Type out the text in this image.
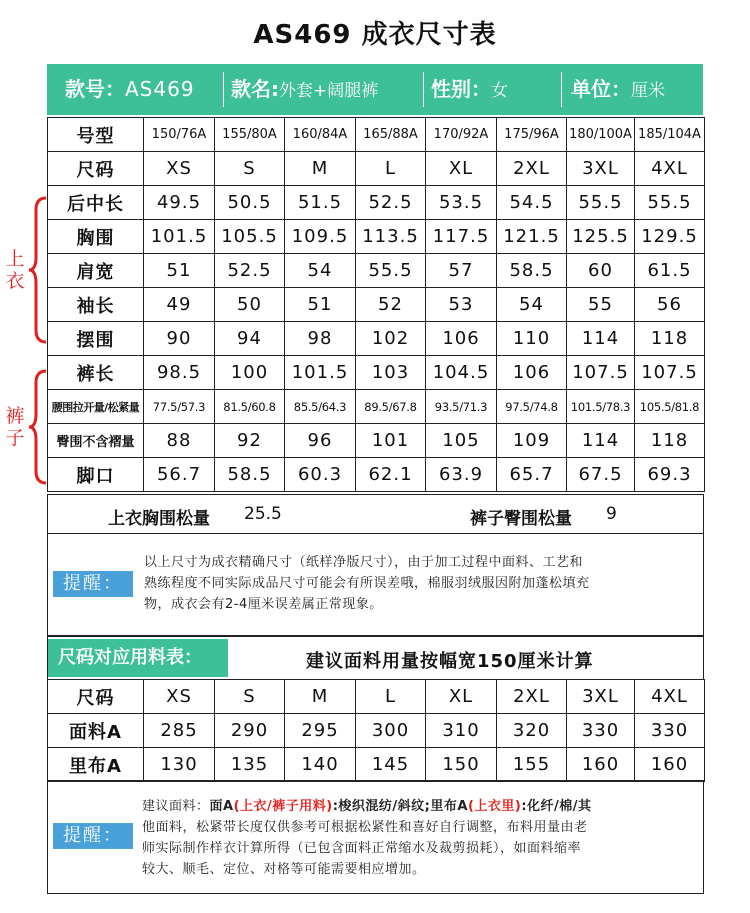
AS469 成衣尺寸表
款号：AS469 款名:外套+阔腿裤	性别：女	单位：厘米
号型	150/76A	155/80A	160/84A	165/88A	170/92A	175/96A	180/100A	185/104A
尺码	XS	S	M	L	XL	2XL	3XL	4XL
后中长	49.5	50.5	51.5	52.5	53.5	54.5	55.5	55.5
胸围	101.5	105.5	109.5	113.5	117.5	121.5	125.5	129.5
肩宽	51	52.5	54	55.5	57	58.5	60	61.5
袖长	49	50	51	52	53	54	55	56
摆围	90	94	98	102	106	110	114	118
裤长	98.5	100	101.5	103	104.5	106	107.5	107.5
腰围拉开量/松紧量	77.5/57.3	81.5/60.8	85.5/64.3	89.5/67.8	93.5/71.3	97.5/74.8	101.5/78.3	105.5/81.8
臀围不含褶量	88	92	96	101	105	109	114	118
脚口	56.7	58.5	60.3	62.1	63.9	65.7	67.5	69.3
上
衣
裤
子
上衣胸围松量 25.5	裤子臀围松量 9
提醒：
以上尺寸为成衣精确尺寸（纸样净版尺寸），由于加工过程中面料、工艺和
熟练程度不同实际成品尺寸可能会有所误差哦，棉服羽绒服因附加蓬松填充
物，成衣会有2-4厘米误差属正常现象。
尺码对应用料表：	建议面料用量按幅宽150厘米计算
尺码	XS	S	M	L	XL	2XL	3XL	4XL
面料A	285	290	295	300	310	320	330	330
里布A	130	135	140	145	150	155	160	160
提醒：
建议面料：面A(上衣/裤子用料):梭织混纺/斜纹;里布A(上衣里):化纤/棉/其
他面料，松紧带长度仅供参考可根据松紧性和喜好自行调整，布料用量由老
师实际制作样衣计算所得（已包含面料正常缩水及裁剪损耗），如面料缩率
较大、顺毛、定位、对格等可能需要相应增加。
